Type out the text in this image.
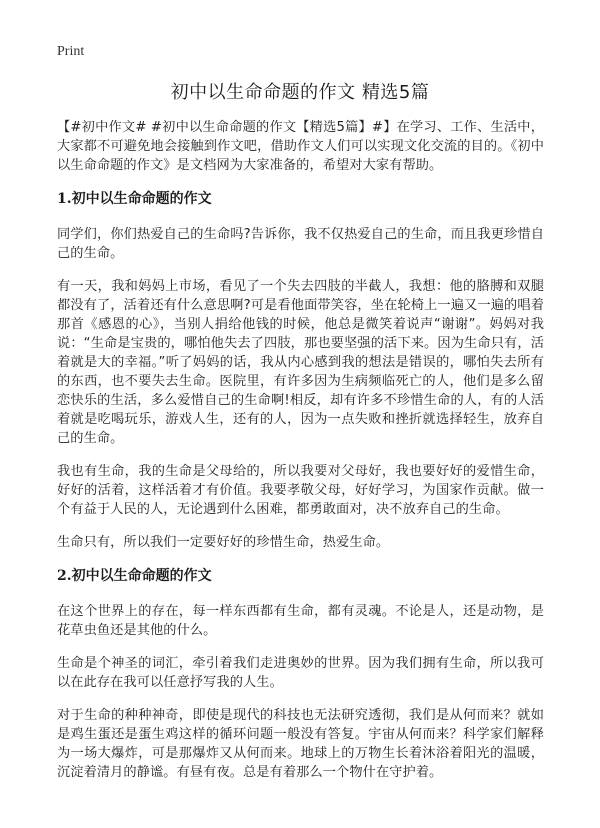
Print
初中以生命命题的作文 精选5篇

【#初中作文# #初中以生命命题的作文【精选5篇】#】在学习、工作、生活中，大家都不可避免地会接触到作文吧，借助作文人们可以实现文化交流的目的。《初中以生命命题的作文》是文档网为大家准备的，希望对大家有帮助。

1.初中以生命命题的作文

同学们，你们热爱自己的生命吗?告诉你，我不仅热爱自己的生命，而且我更珍惜自己的生命。

有一天，我和妈妈上市场，看见了一个失去四肢的半截人，我想：他的胳膊和双腿都没有了，活着还有什么意思啊?可是看他面带笑容，坐在轮椅上一遍又一遍的唱着那首《感恩的心》，当别人捐给他钱的时候，他总是微笑着说声“谢谢”。妈妈对我说：“生命是宝贵的，哪怕他失去了四肢，那也要坚强的活下来。因为生命只有，活着就是大的幸福。”听了妈妈的话，我从内心感到我的想法是错误的，哪怕失去所有的东西，也不要失去生命。医院里，有许多因为生病频临死亡的人，他们是多么留恋快乐的生活，多么爱惜自己的生命啊!相反，却有许多不珍惜生命的人，有的人活着就是吃喝玩乐，游戏人生，还有的人，因为一点失败和挫折就选择轻生，放弃自己的生命。

我也有生命，我的生命是父母给的，所以我要对父母好，我也要好好的爱惜生命，好好的活着，这样活着才有价值。我要孝敬父母，好好学习，为国家作贡献。做一个有益于人民的人，无论遇到什么困难，都勇敢面对，决不放弃自己的生命。

生命只有，所以我们一定要好好的珍惜生命，热爱生命。

2.初中以生命命题的作文

在这个世界上的存在，每一样东西都有生命，都有灵魂。不论是人，还是动物，是花草虫鱼还是其他的什么。

生命是个神圣的词汇，牵引着我们走进奥妙的世界。因为我们拥有生命，所以我可以在此存在我可以任意抒写我的人生。

对于生命的种种神奇，即使是现代的科技也无法研究透彻，我们是从何而来？就如是鸡生蛋还是蛋生鸡这样的循环问题一般没有答复。宇宙从何而来？科学家们解释为一场大爆炸，可是那爆炸又从何而来。地球上的万物生长着沐浴着阳光的温暖，沉淀着清月的静谧。有昼有夜。总是有着那么一个物什在守护着。
